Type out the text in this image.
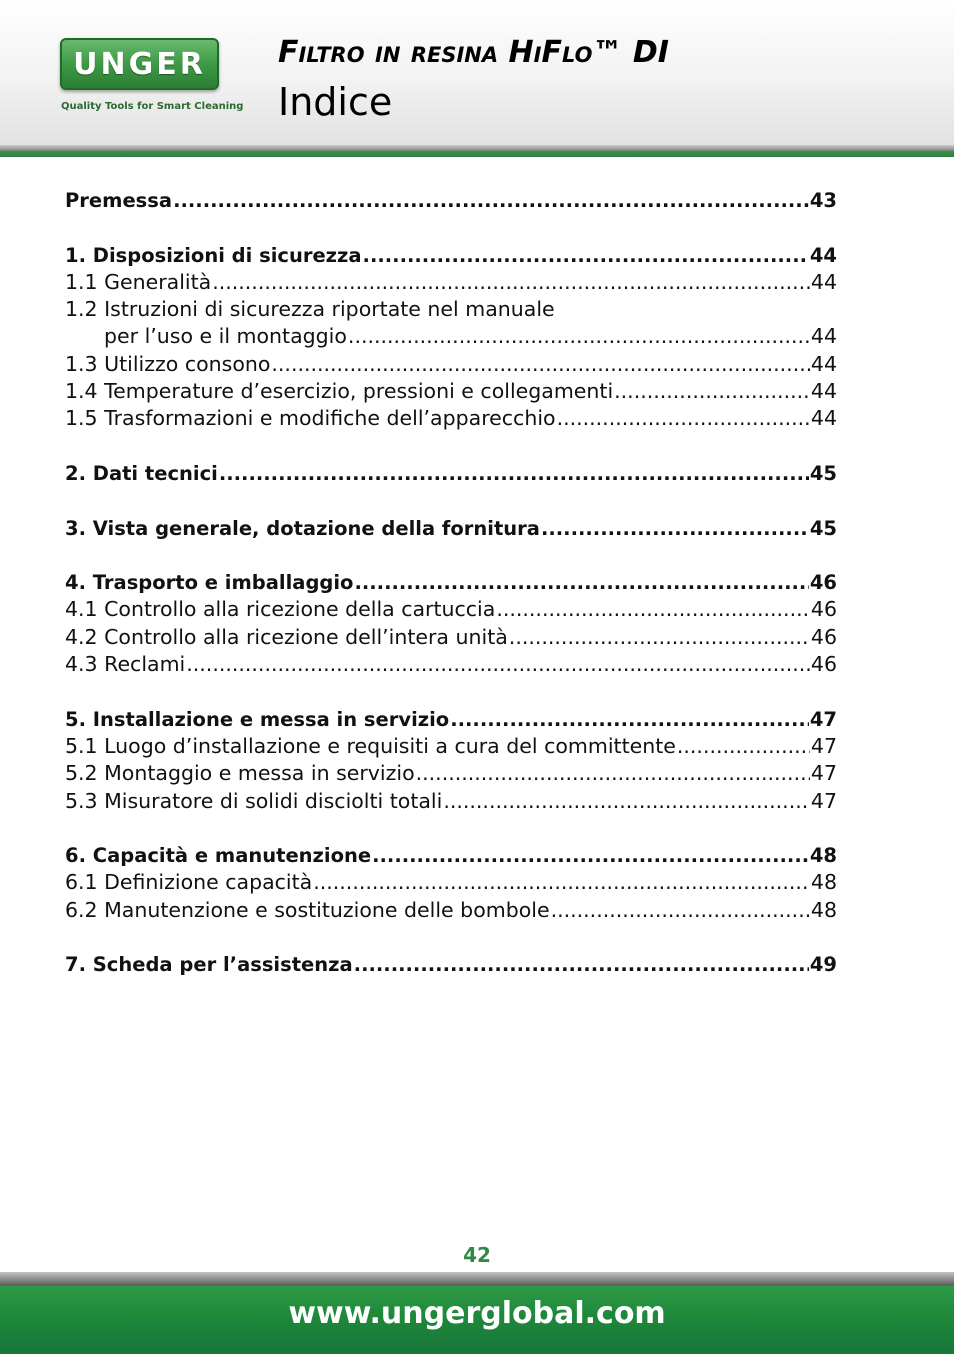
UNGER
Quality Tools for Smart Cleaning
Filtro in resina HiFlo™ DI
Indice
Premessa .....	43
1. Disposizioni di sicurezza .....	44
1.1 Generalità .....	44
1.2 Istruzioni di sicurezza riportate nel manuale
per l’uso e il montaggio .....	44
1.3 Utilizzo consono .....	44
1.4 Temperature d’esercizio, pressioni e collegamenti .....	44
1.5 Trasformazioni e modifiche dell’apparecchio .....	44
2. Dati tecnici .....	45
3. Vista generale, dotazione della fornitura .....	45
4. Trasporto e imballaggio .....	46
4.1 Controllo alla ricezione della cartuccia .....	46
4.2 Controllo alla ricezione dell’intera unità .....	46
4.3 Reclami .....	46
5. Installazione e messa in servizio .....	47
5.1 Luogo d’installazione e requisiti a cura del committente .....	47
5.2 Montaggio e messa in servizio .....	47
5.3 Misuratore di solidi disciolti totali .....	47
6. Capacità e manutenzione .....	48
6.1 Definizione capacità .....	48
6.2 Manutenzione e sostituzione delle bombole .....	48
7. Scheda per l’assistenza .....	49
42
www.ungerglobal.com
